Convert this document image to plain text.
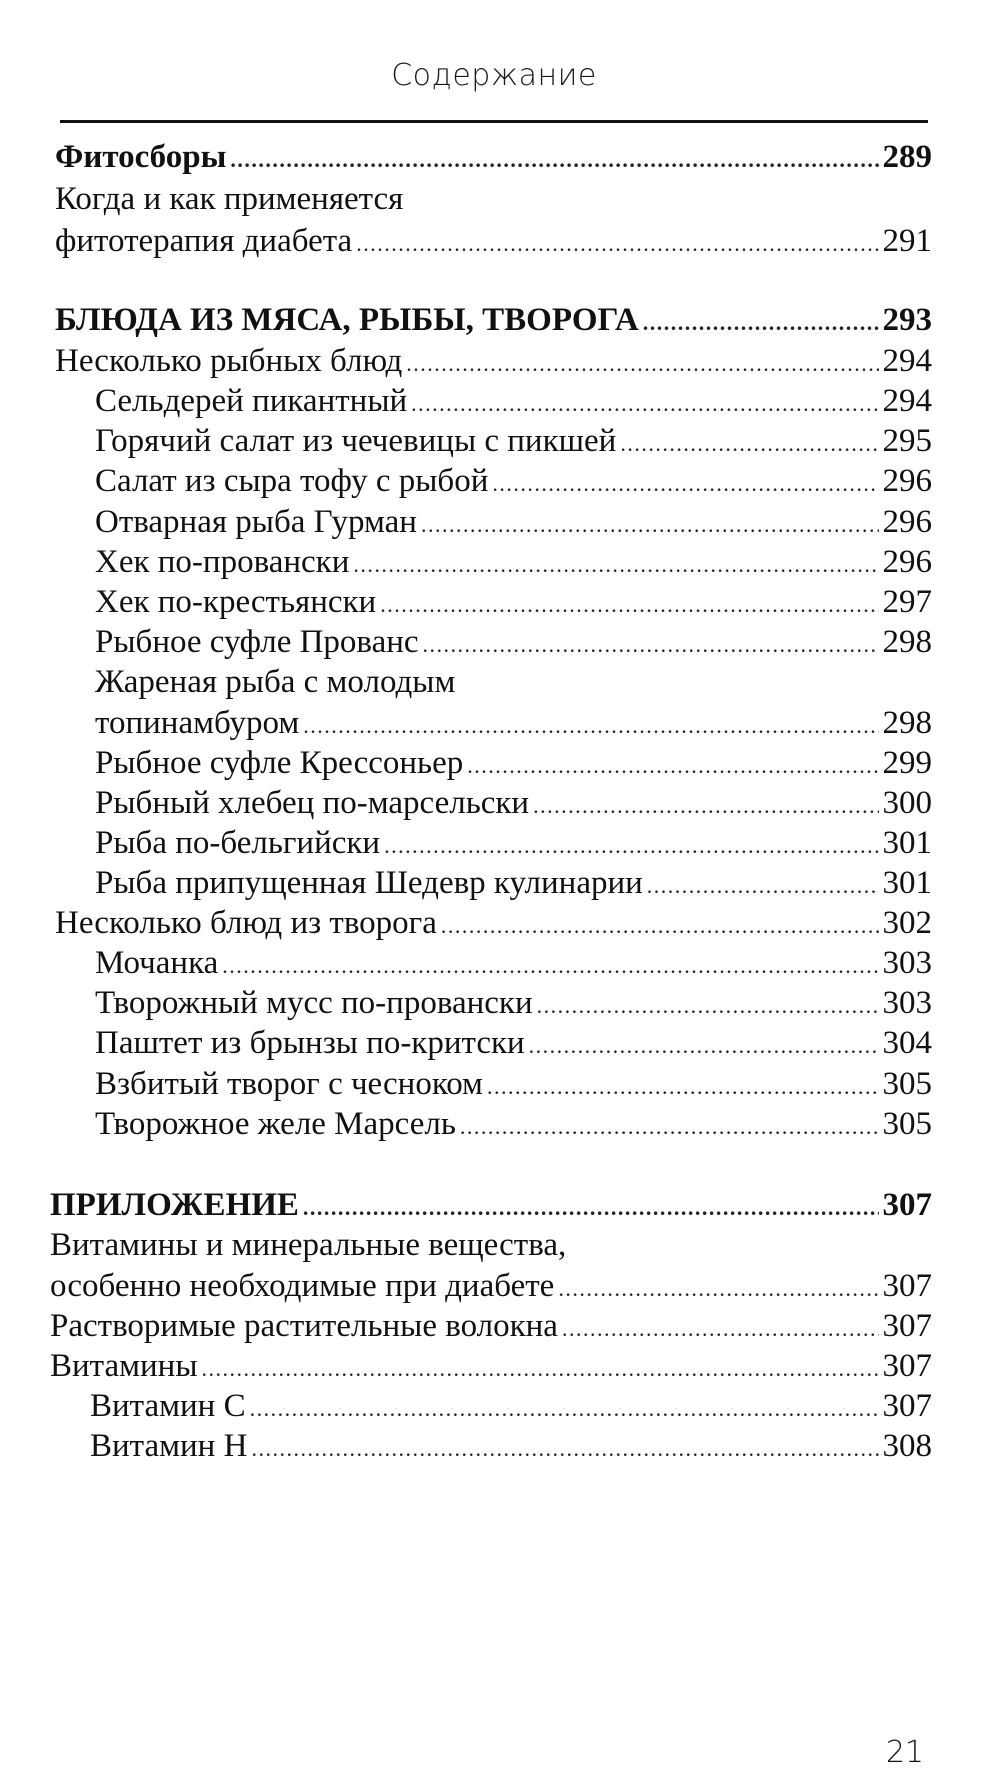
Содержание
Фитосборы .....	289
Когда и как применяется
фитотерапия диабета .....	291
БЛЮДА ИЗ МЯСА, РЫБЫ, ТВОРОГА .....	293
Несколько рыбных блюд .....	294
Сельдерей пикантный .....	294
Горячий салат из чечевицы с пикшей .....	295
Салат из сыра тофу с рыбой .....	296
Отварная рыба Гурман .....	296
Хек по-провански .....	296
Хек по-крестьянски .....	297
Рыбное суфле Прованс .....	298
Жареная рыба с молодым
топинамбуром .....	298
Рыбное суфле Крессоньер .....	299
Рыбный хлебец по-марсельски .....	300
Рыба по-бельгийски .....	301
Рыба припущенная Шедевр кулинарии .....	301
Несколько блюд из творога .....	302
Мочанка .....	303
Творожный мусс по-провански .....	303
Паштет из брынзы по-критски .....	304
Взбитый творог с чесноком .....	305
Творожное желе Марсель .....	305
ПРИЛОЖЕНИЕ .....	307
Витамины и минеральные вещества,
особенно необходимые при диабете .....	307
Растворимые растительные волокна .....	307
Витамины .....	307
Витамин С .....	307
Витамин Н .....	308
21
